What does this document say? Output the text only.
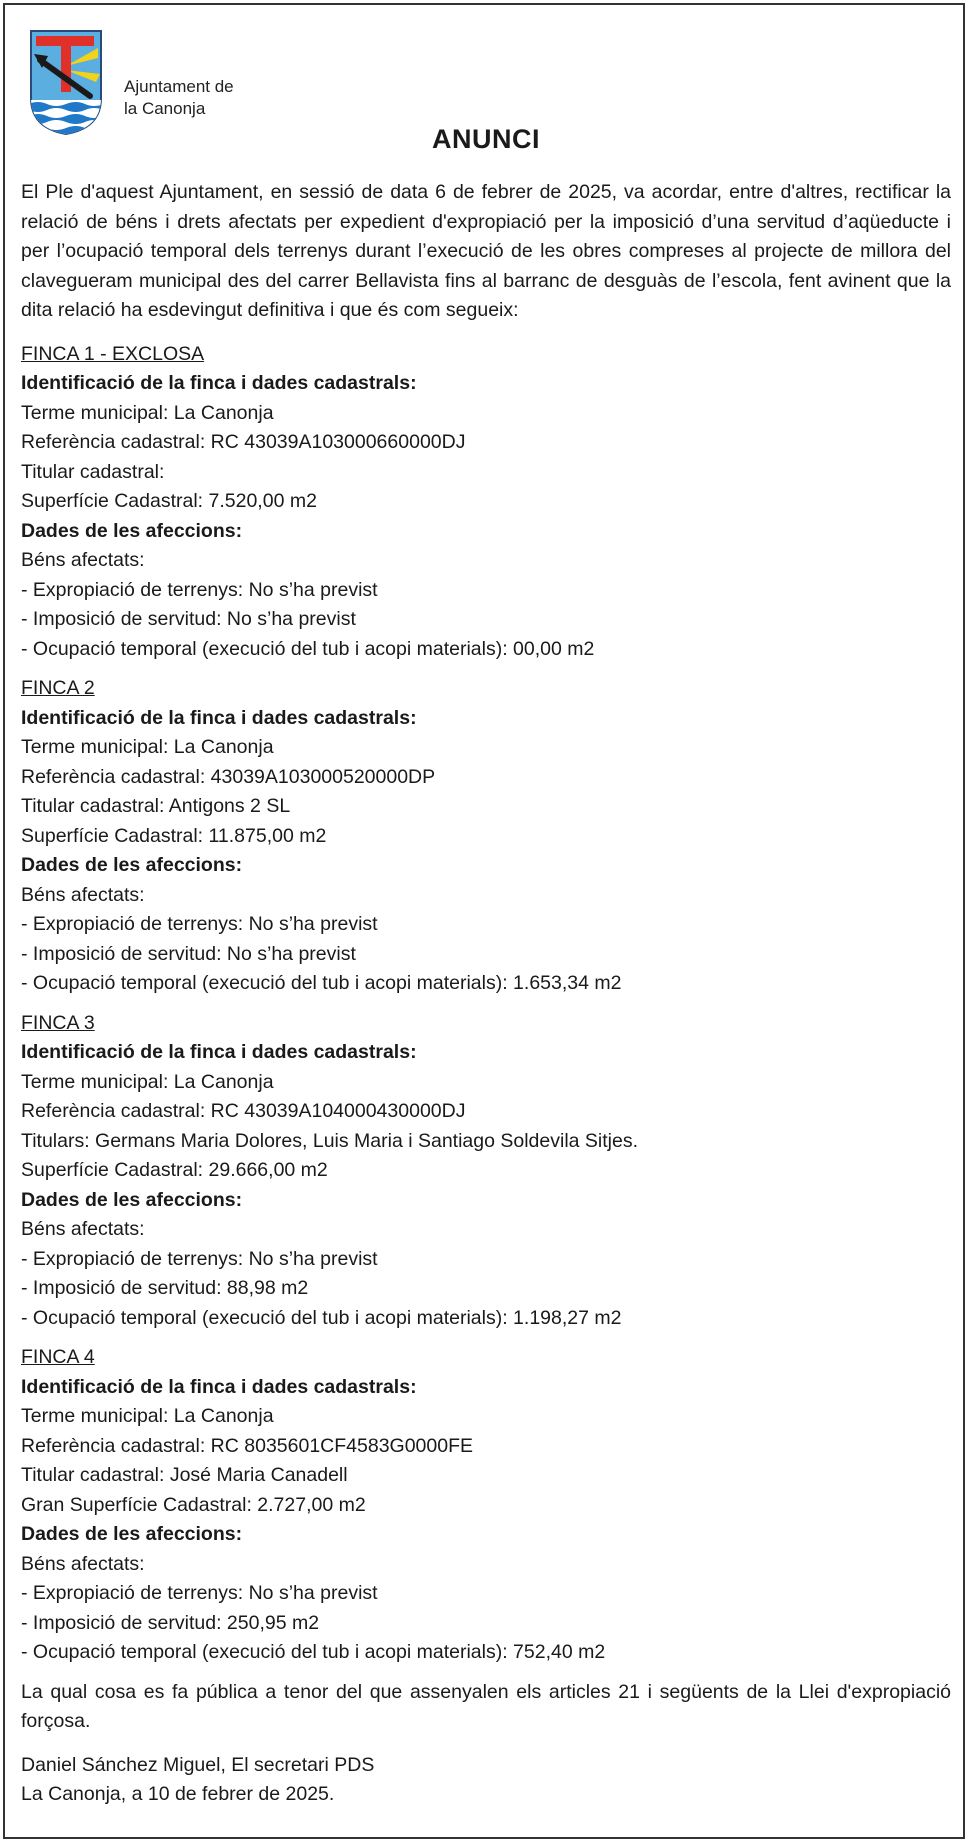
Ajuntament de
la Canonja
ANUNCI

El Ple d'aquest Ajuntament, en sessió de data 6 de febrer de 2025, va acordar, entre d'altres, rectificar la relació de béns i drets afectats per expedient d'expropiació per la imposició d’una servitud d’aqüeducte i per l’ocupació temporal dels terrenys durant l’execució de les obres compreses al projecte de millora del clavegueram municipal des del carrer Bellavista fins al barranc de desguàs de l’escola, fent avinent que la dita relació ha esdevingut definitiva i que és com segueix:

FINCA 1 - EXCLOSA
Identificació de la finca i dades cadastrals:
Terme municipal: La Canonja
Referència cadastral: RC 43039A103000660000DJ
Titular cadastral:
Superfície Cadastral: 7.520,00 m2
Dades de les afeccions:
Béns afectats:
- Expropiació de terrenys: No s’ha previst
- Imposició de servitud: No s’ha previst
- Ocupació temporal (execució del tub i acopi materials): 00,00 m2
FINCA 2
Identificació de la finca i dades cadastrals:
Terme municipal: La Canonja
Referència cadastral: 43039A103000520000DP
Titular cadastral: Antigons 2 SL
Superfície Cadastral: 11.875,00 m2
Dades de les afeccions:
Béns afectats:
- Expropiació de terrenys: No s’ha previst
- Imposició de servitud: No s’ha previst
- Ocupació temporal (execució del tub i acopi materials): 1.653,34 m2
FINCA 3
Identificació de la finca i dades cadastrals:
Terme municipal: La Canonja
Referència cadastral: RC 43039A104000430000DJ
Titulars: Germans Maria Dolores, Luis Maria i Santiago Soldevila Sitjes.
Superfície Cadastral: 29.666,00 m2
Dades de les afeccions:
Béns afectats:
- Expropiació de terrenys: No s’ha previst
- Imposició de servitud: 88,98 m2
- Ocupació temporal (execució del tub i acopi materials): 1.198,27 m2
FINCA 4
Identificació de la finca i dades cadastrals:
Terme municipal: La Canonja
Referència cadastral: RC 8035601CF4583G0000FE
Titular cadastral: José Maria Canadell
Gran Superfície Cadastral: 2.727,00 m2
Dades de les afeccions:
Béns afectats:
- Expropiació de terrenys: No s’ha previst
- Imposició de servitud: 250,95 m2
- Ocupació temporal (execució del tub i acopi materials): 752,40 m2

La qual cosa es fa pública a tenor del que assenyalen els articles 21 i següents de la Llei d'expropiació forçosa.

Daniel Sánchez Miguel, El secretari PDS
La Canonja, a 10 de febrer de 2025.
